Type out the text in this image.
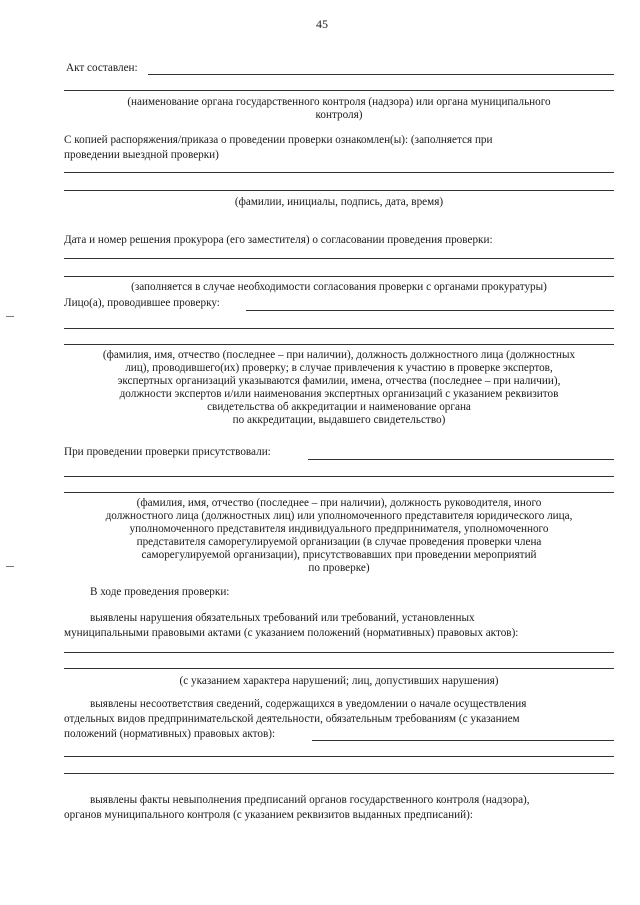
45
Акт составлен:
(наименование органа государственного контроля (надзора) или органа муниципального
контроля)
С копией распоряжения/приказа о проведении проверки ознакомлен(ы): (заполняется при
проведении выездной проверки)
(фамилии, инициалы, подпись, дата, время)
Дата и номер решения прокурора (его заместителя) о согласовании проведения проверки:
(заполняется в случае необходимости согласования проверки с органами прокуратуры)
Лицо(а), проводившее проверку:
(фамилия, имя, отчество (последнее – при наличии), должность должностного лица (должностных
лиц), проводившего(их) проверку; в случае привлечения к участию в проверке экспертов,
экспертных организаций указываются фамилии, имена, отчества (последнее – при наличии),
должности экспертов и/или наименования экспертных организаций с указанием реквизитов
свидетельства об аккредитации и наименование органа
по аккредитации, выдавшего свидетельство)
При проведении проверки присутствовали:
(фамилия, имя, отчество (последнее – при наличии), должность руководителя, иного
должностного лица (должностных лиц) или уполномоченного представителя юридического лица,
уполномоченного представителя индивидуального предпринимателя, уполномоченного
представителя саморегулируемой организации (в случае проведения проверки члена
саморегулируемой организации), присутствовавших при проведении мероприятий
по проверке)
В ходе проведения проверки:
выявлены нарушения обязательных требований или требований, установленных
муниципальными правовыми актами (с указанием положений (нормативных) правовых актов):
(с указанием характера нарушений; лиц, допустивших нарушения)
выявлены несоответствия сведений, содержащихся в уведомлении о начале осуществления
отдельных видов предпринимательской деятельности, обязательным требованиям (с указанием
положений (нормативных) правовых актов):
выявлены факты невыполнения предписаний органов государственного контроля (надзора),
органов муниципального контроля (с указанием реквизитов выданных предписаний):
